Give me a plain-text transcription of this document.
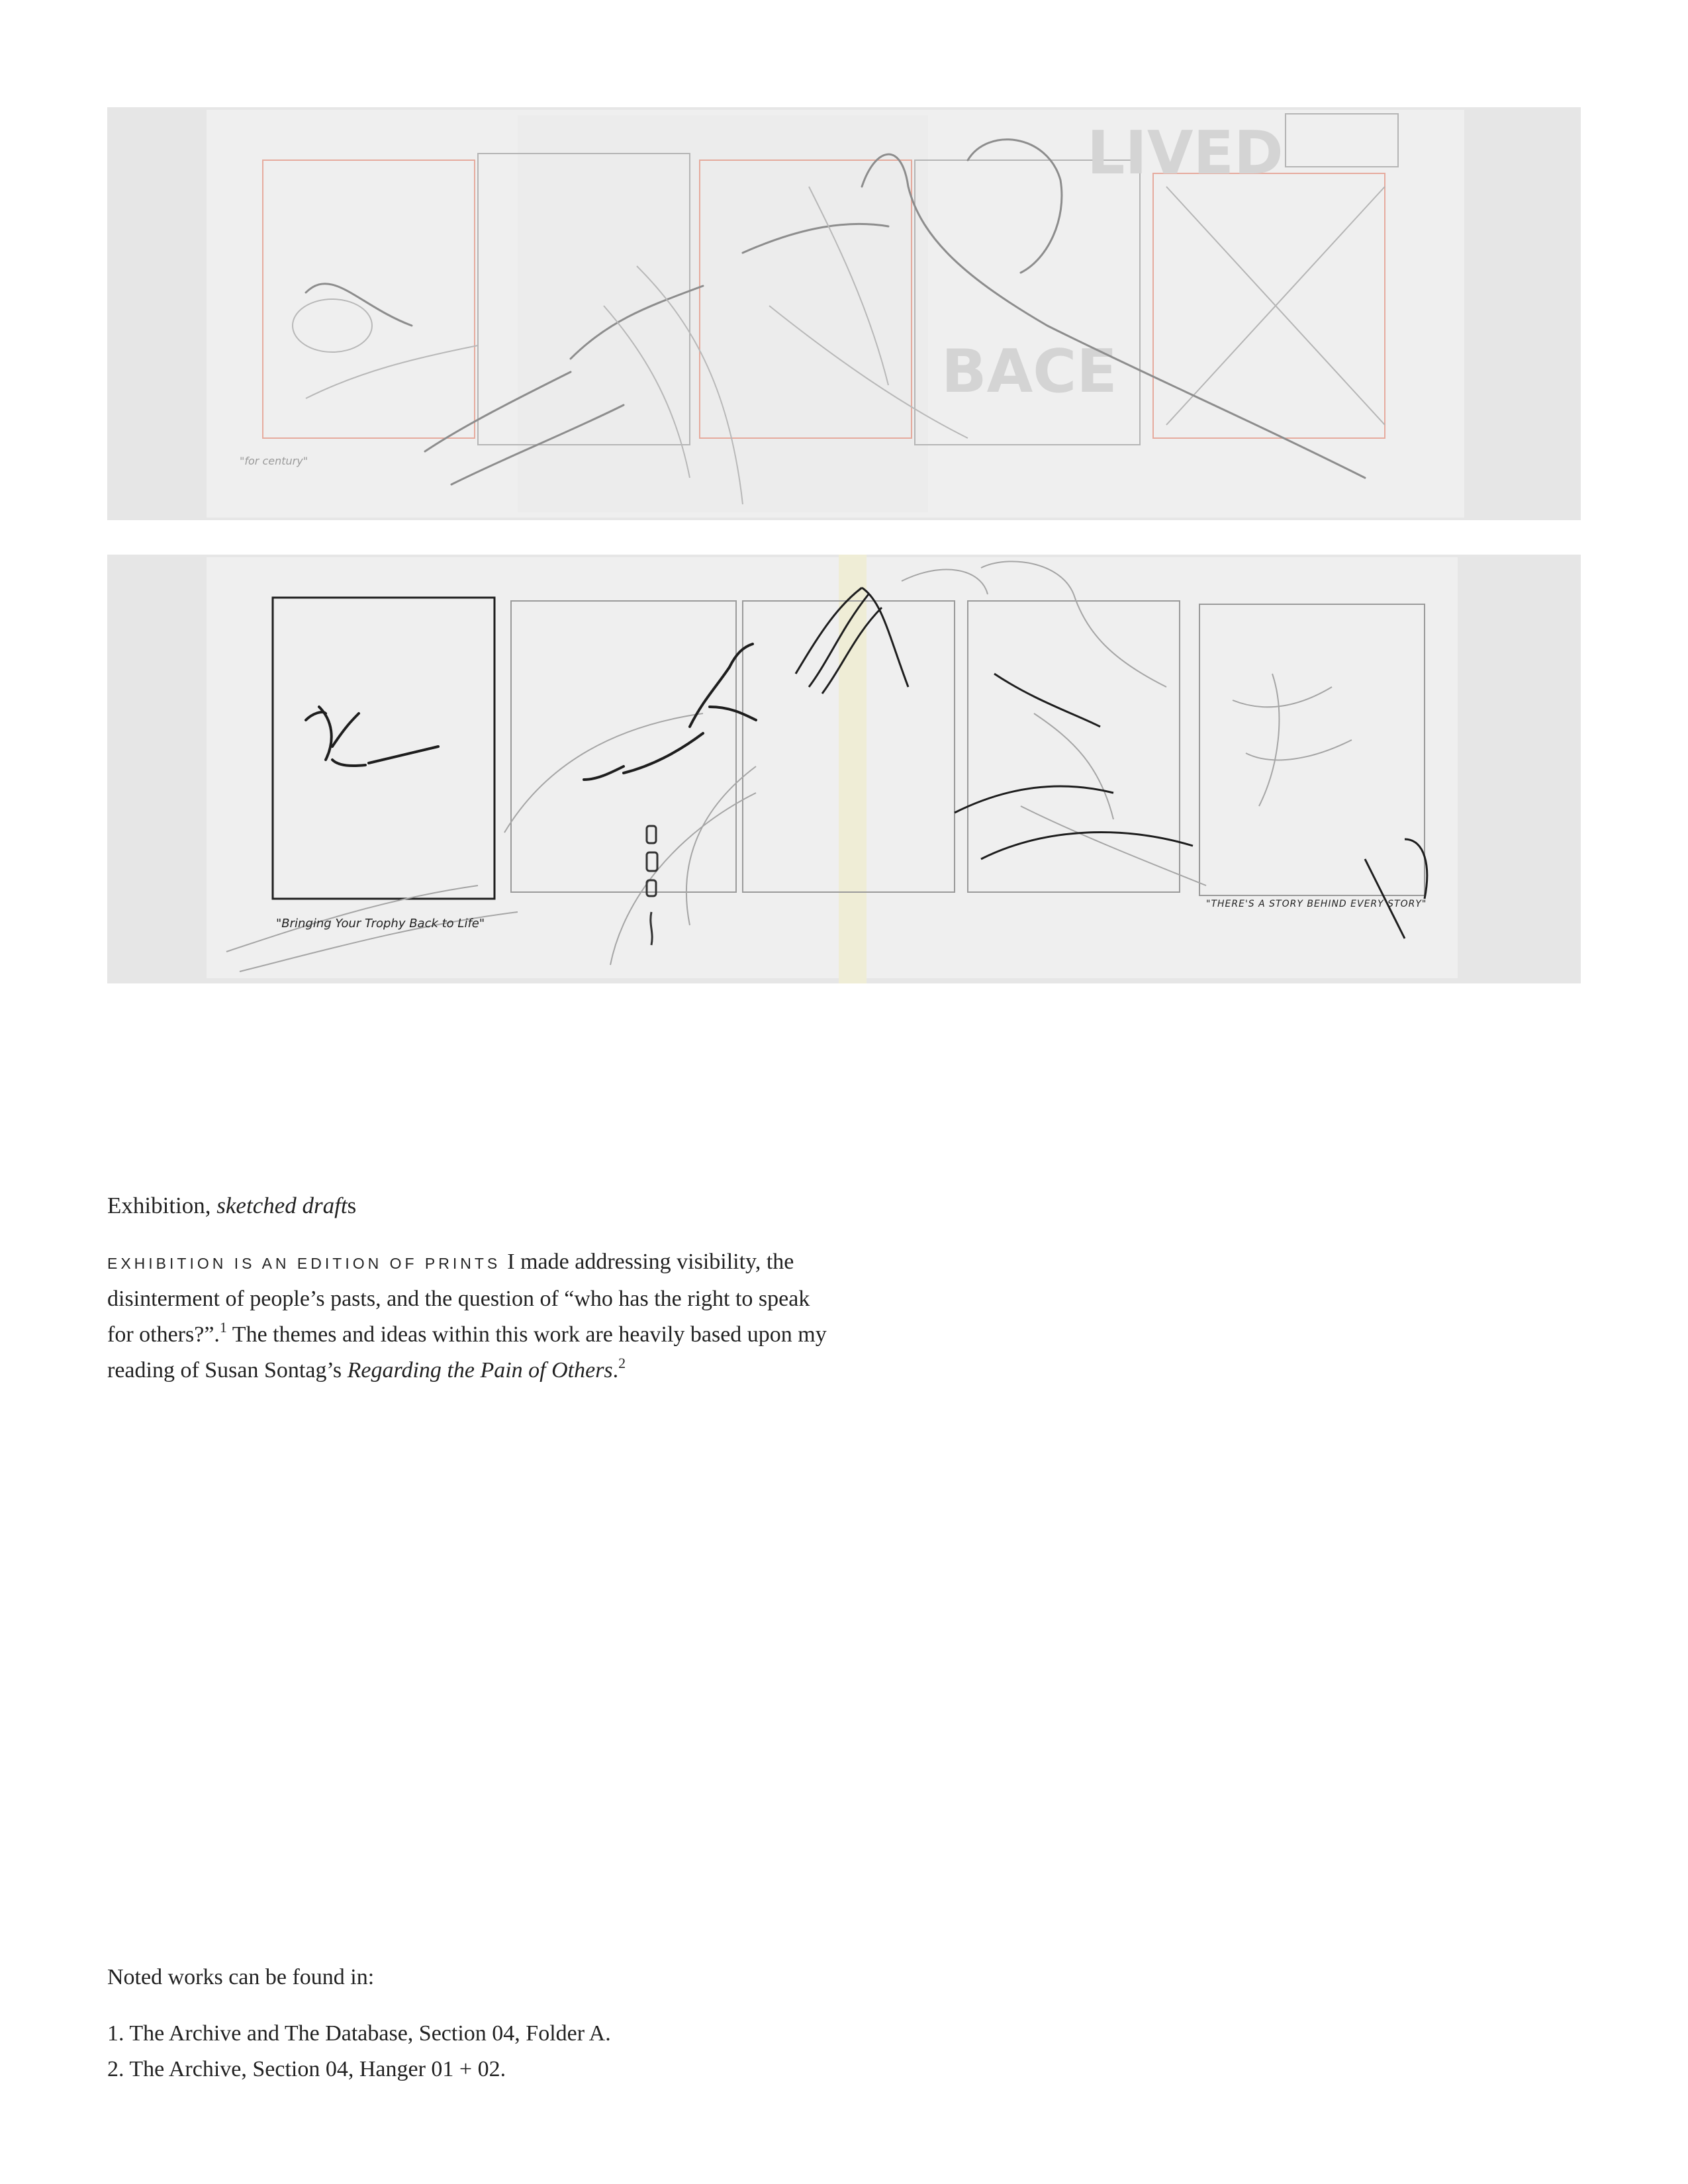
LIVED
BACE
"for century"
"Bringing Your Trophy Back to Life"
"THERE'S A STORY BEHIND EVERY STORY"

Exhibition, sketched drafts

EXHIBITION IS AN EDITION OF PRINTS I made addressing visibility, the disinterment of people’s pasts, and the question of “who has the right to speak for others?”.$^1$ The themes and ideas within this work are heavily based upon my reading of Susan Sontag’s Regarding the Pain of Others.$^2$

Noted works can be found in:

1. The Archive and The Database, Section 04, Folder A.
2. The Archive, Section 04, Hanger 01 + 02.
